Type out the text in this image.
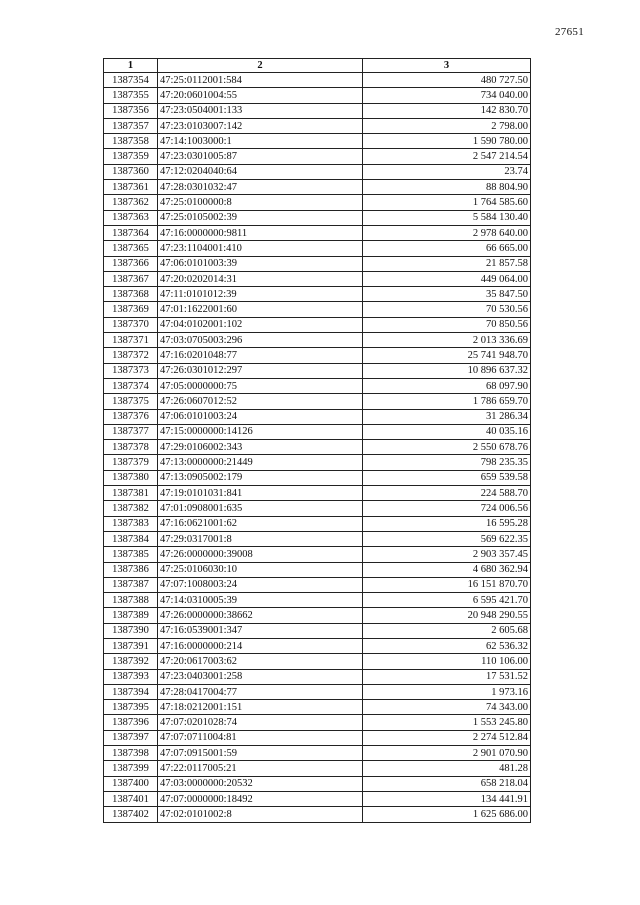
27651
1	2	3
1387354	47:25:0112001:584	480 727.50
1387355	47:20:0601004:55	734 040.00
1387356	47:23:0504001:133	142 830.70
1387357	47:23:0103007:142	2 798.00
1387358	47:14:1003000:1	1 590 780.00
1387359	47:23:0301005:87	2 547 214.54
1387360	47:12:0204040:64	23.74
1387361	47:28:0301032:47	88 804.90
1387362	47:25:0100000:8	1 764 585.60
1387363	47:25:0105002:39	5 584 130.40
1387364	47:16:0000000:9811	2 978 640.00
1387365	47:23:1104001:410	66 665.00
1387366	47:06:0101003:39	21 857.58
1387367	47:20:0202014:31	449 064.00
1387368	47:11:0101012:39	35 847.50
1387369	47:01:1622001:60	70 530.56
1387370	47:04:0102001:102	70 850.56
1387371	47:03:0705003:296	2 013 336.69
1387372	47:16:0201048:77	25 741 948.70
1387373	47:26:0301012:297	10 896 637.32
1387374	47:05:0000000:75	68 097.90
1387375	47:26:0607012:52	1 786 659.70
1387376	47:06:0101003:24	31 286.34
1387377	47:15:0000000:14126	40 035.16
1387378	47:29:0106002:343	2 550 678.76
1387379	47:13:0000000:21449	798 235.35
1387380	47:13:0905002:179	659 539.58
1387381	47:19:0101031:841	224 588.70
1387382	47:01:0908001:635	724 006.56
1387383	47:16:0621001:62	16 595.28
1387384	47:29:0317001:8	569 622.35
1387385	47:26:0000000:39008	2 903 357.45
1387386	47:25:0106030:10	4 680 362.94
1387387	47:07:1008003:24	16 151 870.70
1387388	47:14:0310005:39	6 595 421.70
1387389	47:26:0000000:38662	20 948 290.55
1387390	47:16:0539001:347	2 605.68
1387391	47:16:0000000:214	62 536.32
1387392	47:20:0617003:62	110 106.00
1387393	47:23:0403001:258	17 531.52
1387394	47:28:0417004:77	1 973.16
1387395	47:18:0212001:151	74 343.00
1387396	47:07:0201028:74	1 553 245.80
1387397	47:07:0711004:81	2 274 512.84
1387398	47:07:0915001:59	2 901 070.90
1387399	47:22:0117005:21	481.28
1387400	47:03:0000000:20532	658 218.04
1387401	47:07:0000000:18492	134 441.91
1387402	47:02:0101002:8	1 625 686.00
